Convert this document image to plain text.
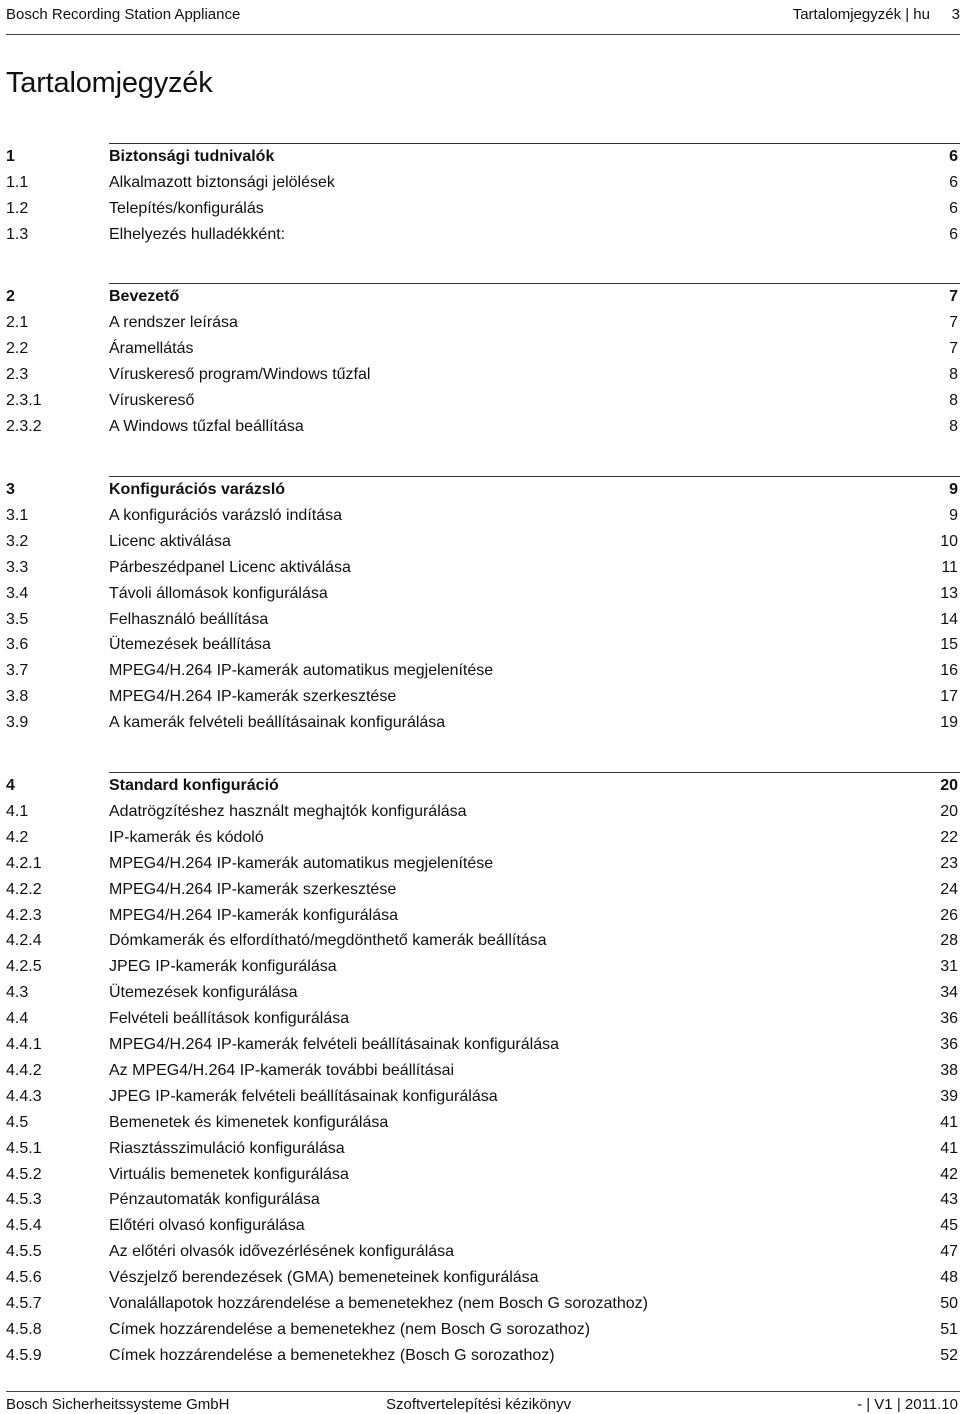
Bosch Recording Station Appliance	Tartalomjegyzék | hu 3
Tartalomjegyzék
1	Biztonsági tudnivalók	6
1.1	Alkalmazott biztonsági jelölések	6
1.2	Telepítés/konfigurálás	6
1.3	Elhelyezés hulladékként:	6
2	Bevezető	7
2.1	A rendszer leírása	7
2.2	Áramellátás	7
2.3	Víruskereső program/Windows tűzfal	8
2.3.1	Víruskereső	8
2.3.2	A Windows tűzfal beállítása	8
3	Konfigurációs varázsló	9
3.1	A konfigurációs varázsló indítása	9
3.2	Licenc aktiválása	10
3.3	Párbeszédpanel Licenc aktiválása	11
3.4	Távoli állomások konfigurálása	13
3.5	Felhasználó beállítása	14
3.6	Ütemezések beállítása	15
3.7	MPEG4/H.264 IP-kamerák automatikus megjelenítése	16
3.8	MPEG4/H.264 IP-kamerák szerkesztése	17
3.9	A kamerák felvételi beállításainak konfigurálása	19
4	Standard konfiguráció	20
4.1	Adatrögzítéshez használt meghajtók konfigurálása	20
4.2	IP-kamerák és kódoló	22
4.2.1	MPEG4/H.264 IP-kamerák automatikus megjelenítése	23
4.2.2	MPEG4/H.264 IP-kamerák szerkesztése	24
4.2.3	MPEG4/H.264 IP-kamerák konfigurálása	26
4.2.4	Dómkamerák és elfordítható/megdönthető kamerák beállítása	28
4.2.5	JPEG IP-kamerák konfigurálása	31
4.3	Ütemezések konfigurálása	34
4.4	Felvételi beállítások konfigurálása	36
4.4.1	MPEG4/H.264 IP-kamerák felvételi beállításainak konfigurálása	36
4.4.2	Az MPEG4/H.264 IP-kamerák további beállításai	38
4.4.3	JPEG IP-kamerák felvételi beállításainak konfigurálása	39
4.5	Bemenetek és kimenetek konfigurálása	41
4.5.1	Riasztásszimuláció konfigurálása	41
4.5.2	Virtuális bemenetek konfigurálása	42
4.5.3	Pénzautomaták konfigurálása	43
4.5.4	Előtéri olvasó konfigurálása	45
4.5.5	Az előtéri olvasók idővezérlésének konfigurálása	47
4.5.6	Vészjelző berendezések (GMA) bemeneteinek konfigurálása	48
4.5.7	Vonalállapotok hozzárendelése a bemenetekhez (nem Bosch G sorozathoz)	50
4.5.8	Címek hozzárendelése a bemenetekhez (nem Bosch G sorozathoz)	51
4.5.9	Címek hozzárendelése a bemenetekhez (Bosch G sorozathoz)	52
Bosch Sicherheitssysteme GmbH	Szoftvertelepítési kézikönyv	- | V1 | 2011.10
